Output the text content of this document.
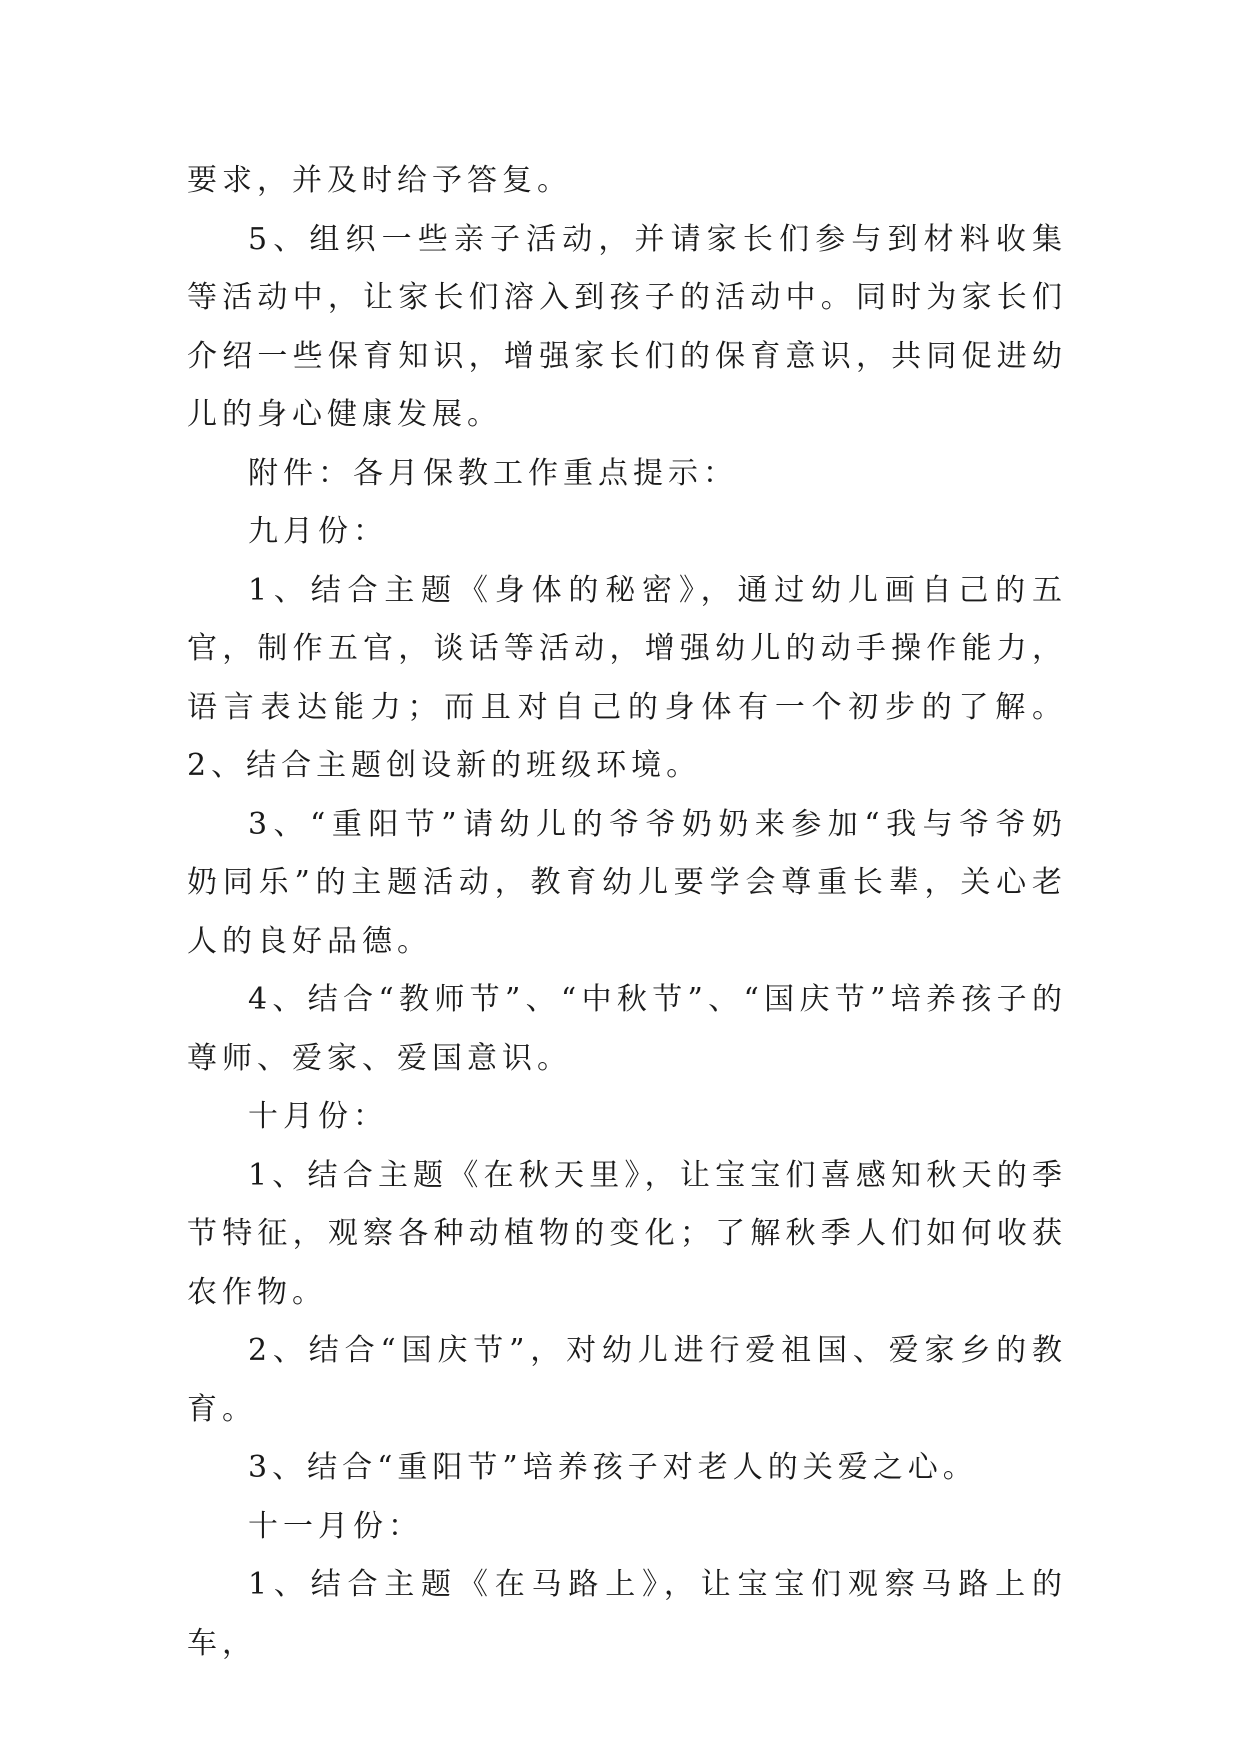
要求，并及时给予答复。

5、组织一些亲子活动，并请家长们参与到材料收集等活动中，让家长们溶入到孩子的活动中。同时为家长们介绍一些保育知识，增强家长们的保育意识，共同促进幼儿的身心健康发展。

附件：各月保教工作重点提示：

九月份：

1、结合主题《身体的秘密》，通过幼儿画自己的五官，制作五官，谈话等活动，增强幼儿的动手操作能力，语言表达能力；而且对自己的身体有一个初步的了解。2、结合主题创设新的班级环境。

3、“重阳节”请幼儿的爷爷奶奶来参加“我与爷爷奶奶同乐”的主题活动，教育幼儿要学会尊重长辈，关心老人的良好品德。

4、结合“教师节”、“中秋节”、“国庆节”培养孩子的尊师、爱家、爱国意识。

十月份：

1、结合主题《在秋天里》，让宝宝们喜感知秋天的季节特征，观察各种动植物的变化；了解秋季人们如何收获农作物。

2、结合“国庆节”，对幼儿进行爱祖国、爱家乡的教育。

3、结合“重阳节”培养孩子对老人的关爱之心。

十一月份：

1、结合主题《在马路上》，让宝宝们观察马路上的车，
